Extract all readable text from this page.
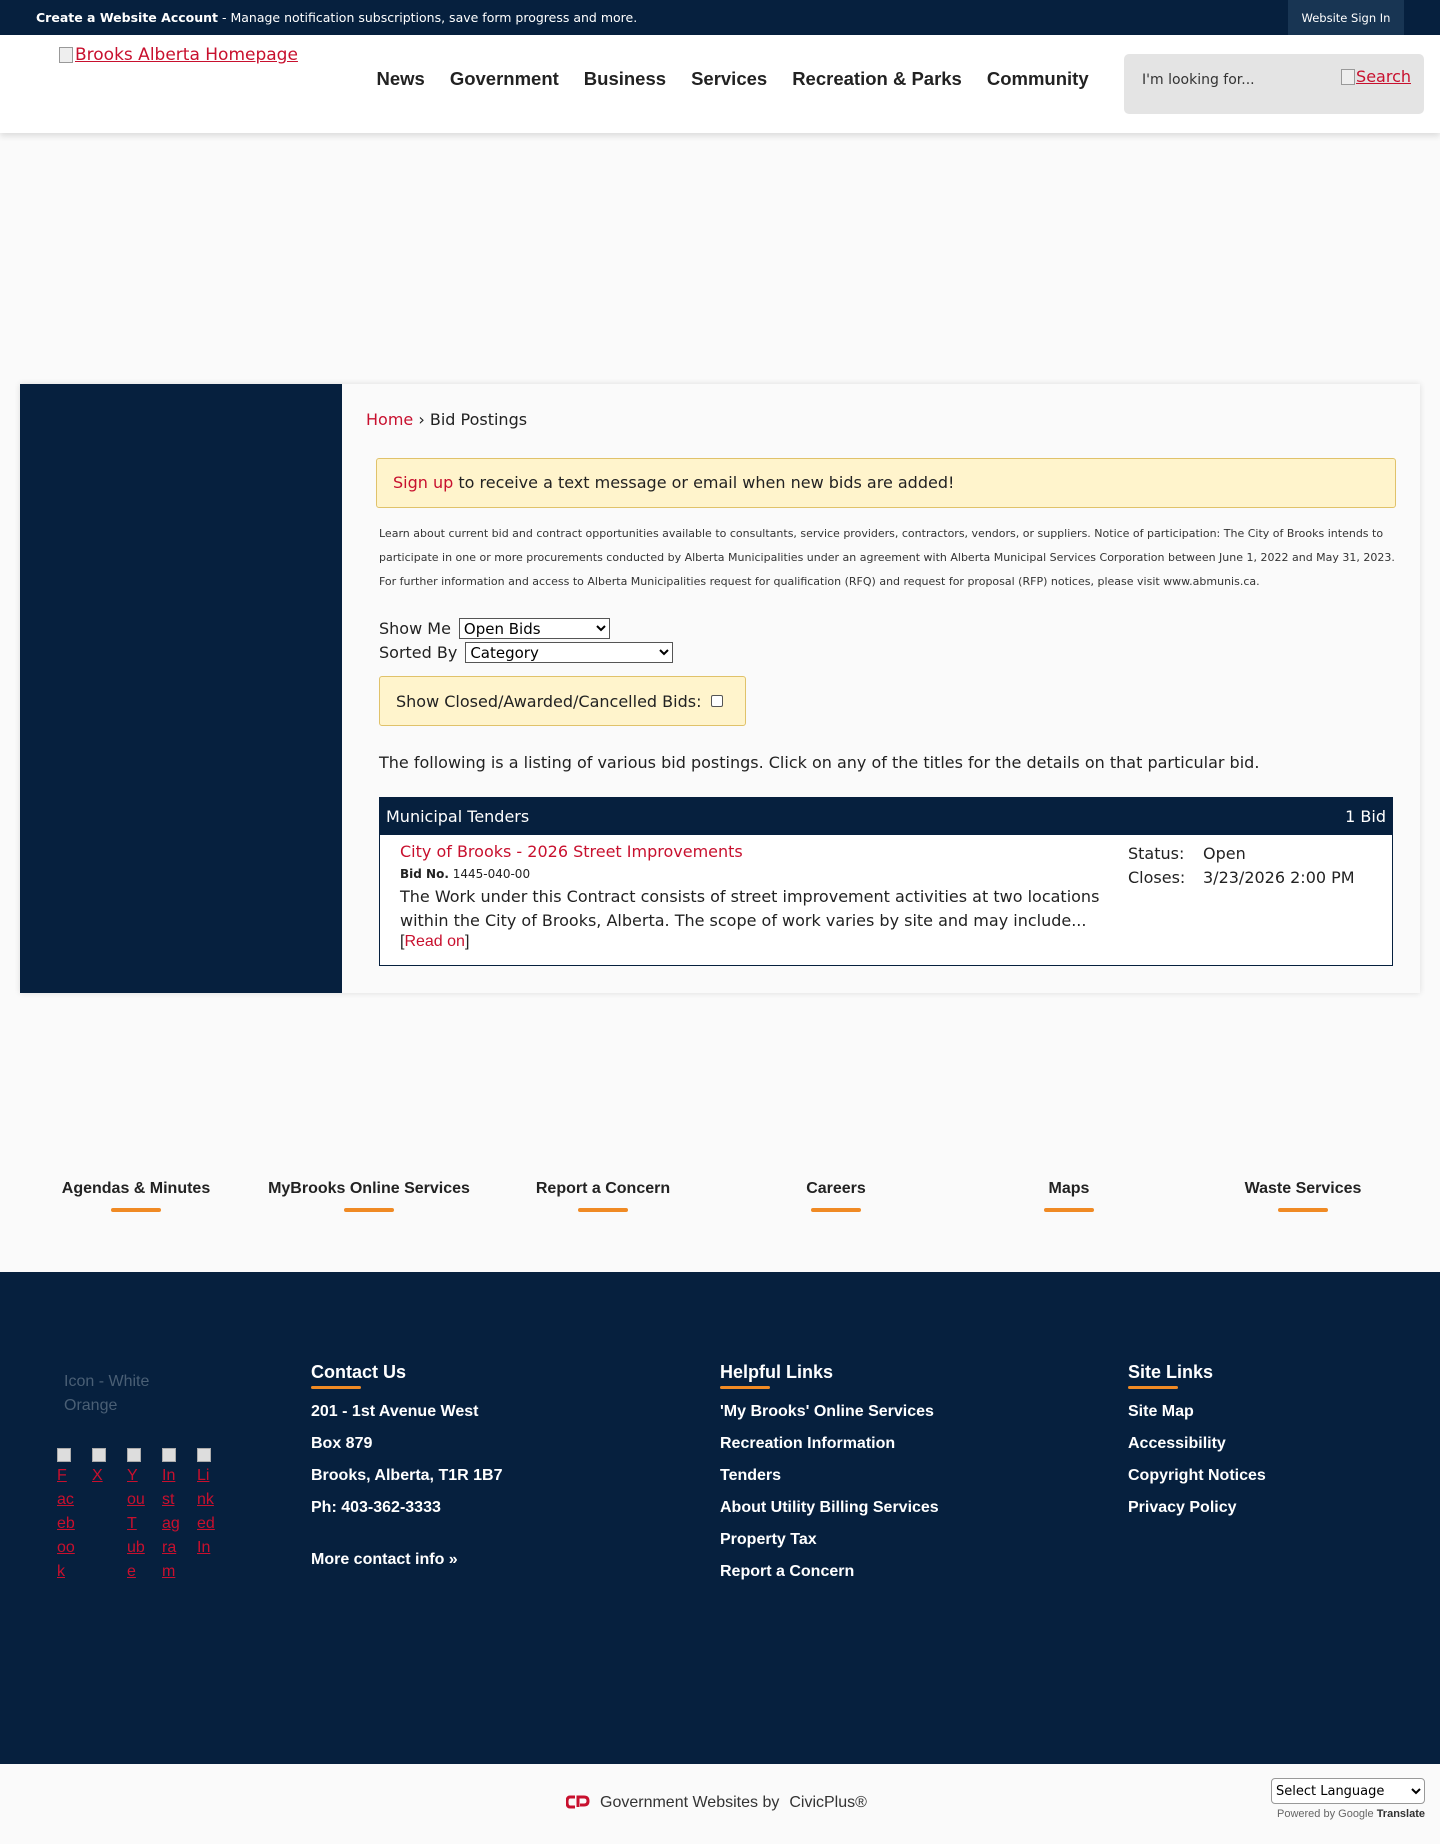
Create a Website Account - Manage notification subscriptions, save form progress and more.	Website Sign In
Brooks Alberta Homepage
News	Government	Business	Services	Recreation & Parks	Community
I'm looking for...	Search
Home › Bid Postings
Sign up to receive a text message or email when new bids are added!

Learn about current bid and contract opportunities available to consultants, service providers, contractors, vendors, or suppliers. Notice of participation: The City of Brooks intends to participate in one or more procurements conducted by Alberta Municipalities under an agreement with Alberta Municipal Services Corporation between June 1, 2022 and May 31, 2023. For further information and access to Alberta Municipalities request for qualification (RFQ) and request for proposal (RFP) notices, please visit www.abmunis.ca.

Show Me
Open Bids
Sorted By
Category
Show Closed/Awarded/Cancelled Bids:

The following is a listing of various bid postings. Click on any of the titles for the details on that particular bid.

Municipal Tenders	1 Bid
City of Brooks - 2026 Street Improvements
Bid No. 1445-040-00

The Work under this Contract consists of street improvement activities at two locations within the City of Brooks, Alberta. The scope of work varies by site and may include...

[Read on]
Status:	Open
Closes:	3/23/2026 2:00 PM
Agendas & Minutes	MyBrooks Online Services	Report a Concern	Careers	Maps	Waste Services
Icon - White Orange
Facebook
X	YouTube
Instagram
LinkedIn
Contact Us
201 - 1st Avenue West
Box 879
Brooks, Alberta, T1R 1B7
Ph: 403-362-3333
More contact info »
Helpful Links
'My Brooks' Online Services
Recreation Information
Tenders
About Utility Billing Services
Property Tax
Report a Concern
Site Links
Site Map
Accessibility
Copyright Notices
Privacy Policy
Government Websites by CivicPlus®
Select Language
Powered by Google Translate
